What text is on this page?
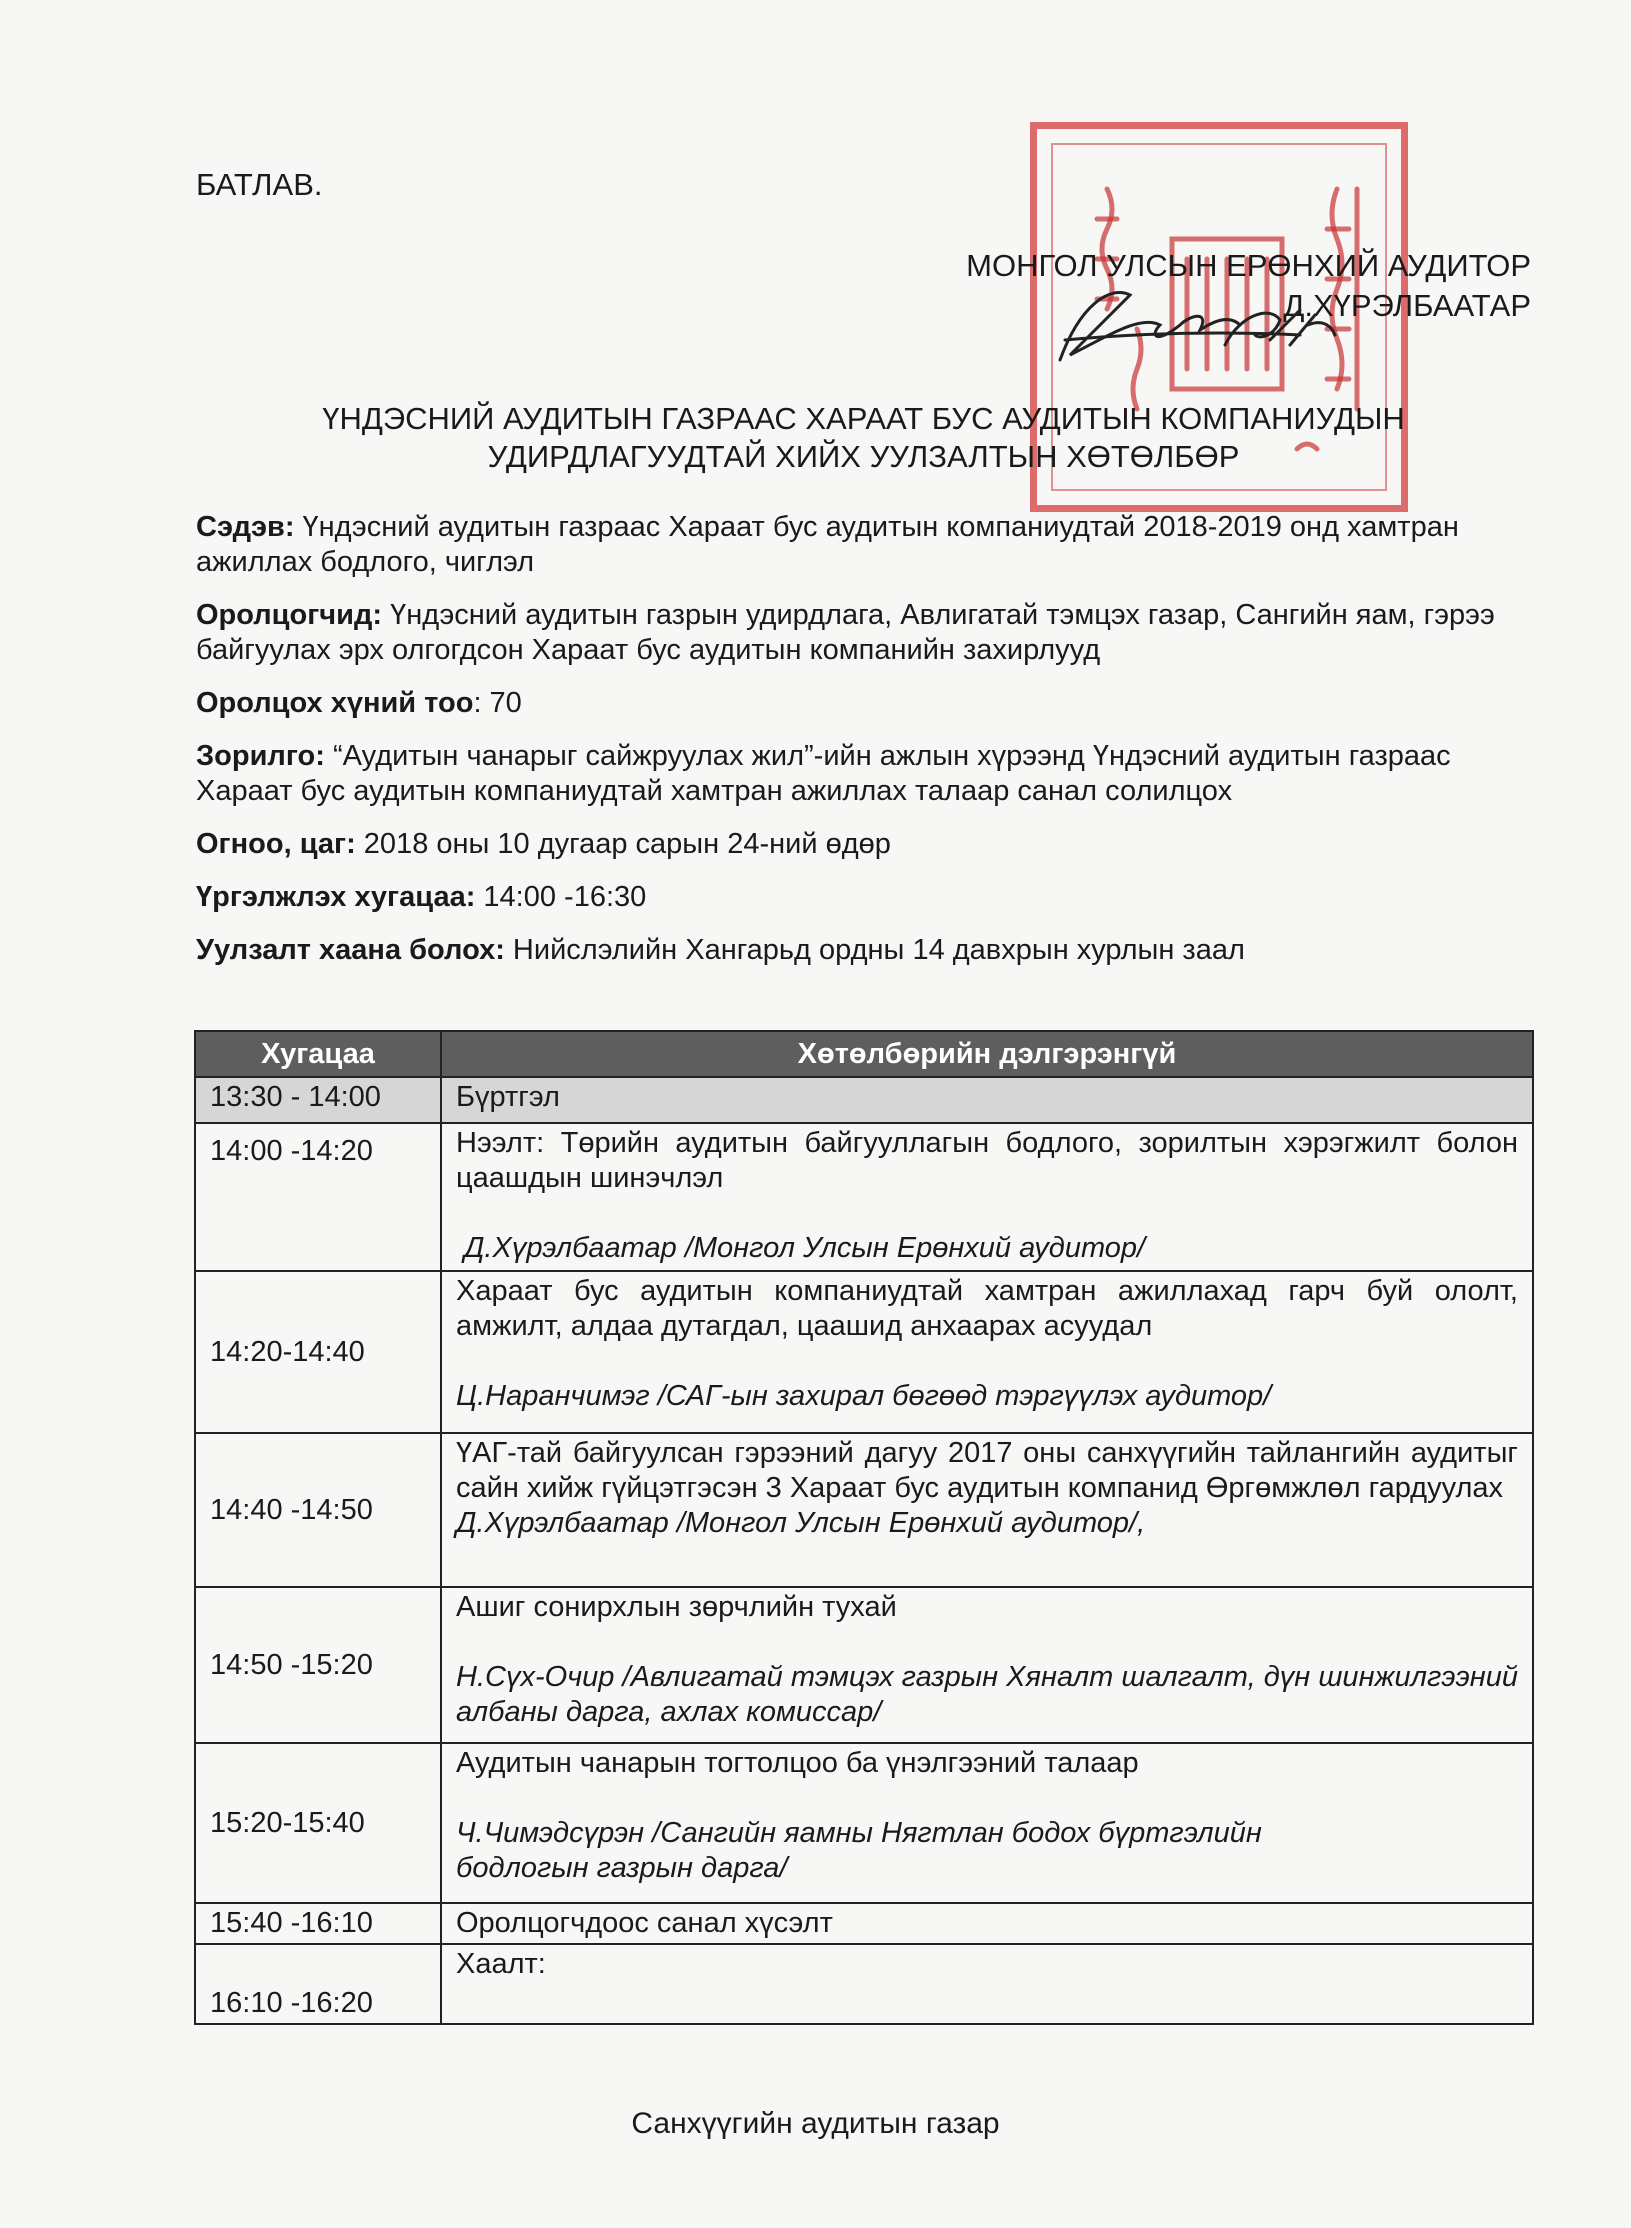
БАТЛАВ.
МОНГОЛ УЛСЫН ЕРӨНХИЙ АУДИТОР
Д.ХҮРЭЛБААТАР
ҮНДЭСНИЙ АУДИТЫН ГАЗРААС ХАРААТ БУС АУДИТЫН КОМПАНИУДЫН
УДИРДЛАГУУДТАЙ ХИЙХ УУЛЗАЛТЫН ХӨТӨЛБӨР
Сэдэв: Үндэсний аудитын газраас Хараат бус аудитын компаниудтай 2018-2019 онд хамтран ажиллах бодлого, чиглэл
Оролцогчид: Үндэсний аудитын газрын удирдлага, Авлигатай тэмцэх газар, Сангийн яам, гэрээ байгуулах эрх олгогдсон Хараат бус аудитын компанийн захирлууд
Оролцох хүний тоо: 70
Зорилго: “Аудитын чанарыг сайжруулах жил”-ийн ажлын хүрээнд Үндэсний аудитын газраас Хараат бус аудитын компаниудтай хамтран ажиллах талаар санал солилцох
Огноо, цаг: 2018 оны 10 дугаар сарын 24-ний өдөр
Үргэлжлэх хугацаа: 14:00 -16:30
Уулзалт хаана болох: Нийслэлийн Хангарьд ордны 14 давхрын хурлын заал
Хугацаа	Хөтөлбөрийн дэлгэрэнгүй
13:30 - 14:00	Бүртгэл
14:00 -14:20	Нээлт: Төрийн аудитын байгууллагын бодлого, зорилтын хэрэгжилт болон цаашдын шинэчлэл
Д.Хүрэлбаатар /Монгол Улсын Ерөнхий аудитор/

14:20-14:40	Хараат бус аудитын компаниудтай хамтран ажиллахад гарч буй ололт, амжилт, алдаа дутагдал, цаашид анхаарах асуудал
Ц.Наранчимэг /САГ-ын захирал бөгөөд тэргүүлэх аудитор/

14:40 -14:50	ҮАГ-тай байгуулсан гэрээний дагуу 2017 оны санхүүгийн тайлангийн аудитыг сайн хийж гүйцэтгэсэн 3 Хараат бус аудитын компанид Өргөмжлөл гардуулах
Д.Хүрэлбаатар /Монгол Улсын Ерөнхий аудитор/,

14:50 -15:20	Ашиг сонирхлын зөрчлийн тухай
Н.Сүх-Очир /Авлигатай тэмцэх газрын Хяналт шалгалт, дүн шинжилгээний албаны дарга, ахлах комиссар/

15:20-15:40	Аудитын чанарын тогтолцоо ба үнэлгээний талаар
Ч.Чимэдсүрэн /Сангийн яамны Нягтлан бодох бүртгэлийн бодлогын газрын дарга/

15:40 -16:10	Оролцогчдоос санал хүсэлт
16:10 -16:20	Хаалт:
Санхүүгийн аудитын газар
